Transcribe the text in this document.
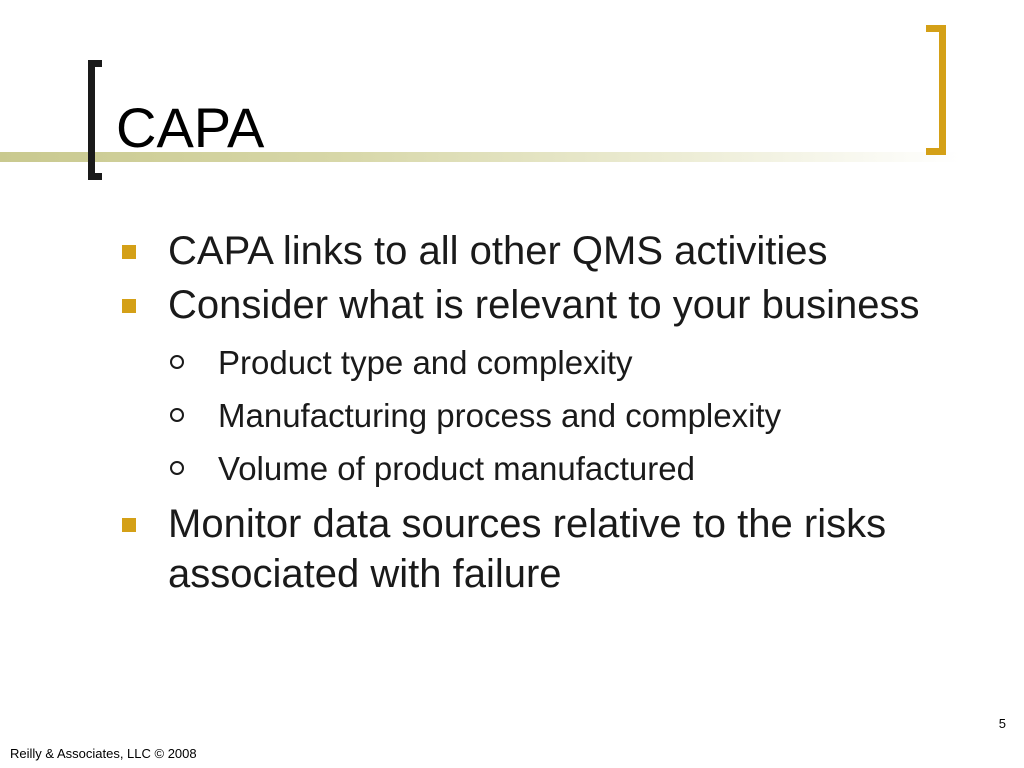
CAPA
CAPA links to all other QMS activities
Consider what is relevant to your business
Product type and complexity
Manufacturing process and complexity
Volume of product manufactured
Monitor data sources relative to the risks associated with failure
5
Reilly & Associates, LLC © 2008
